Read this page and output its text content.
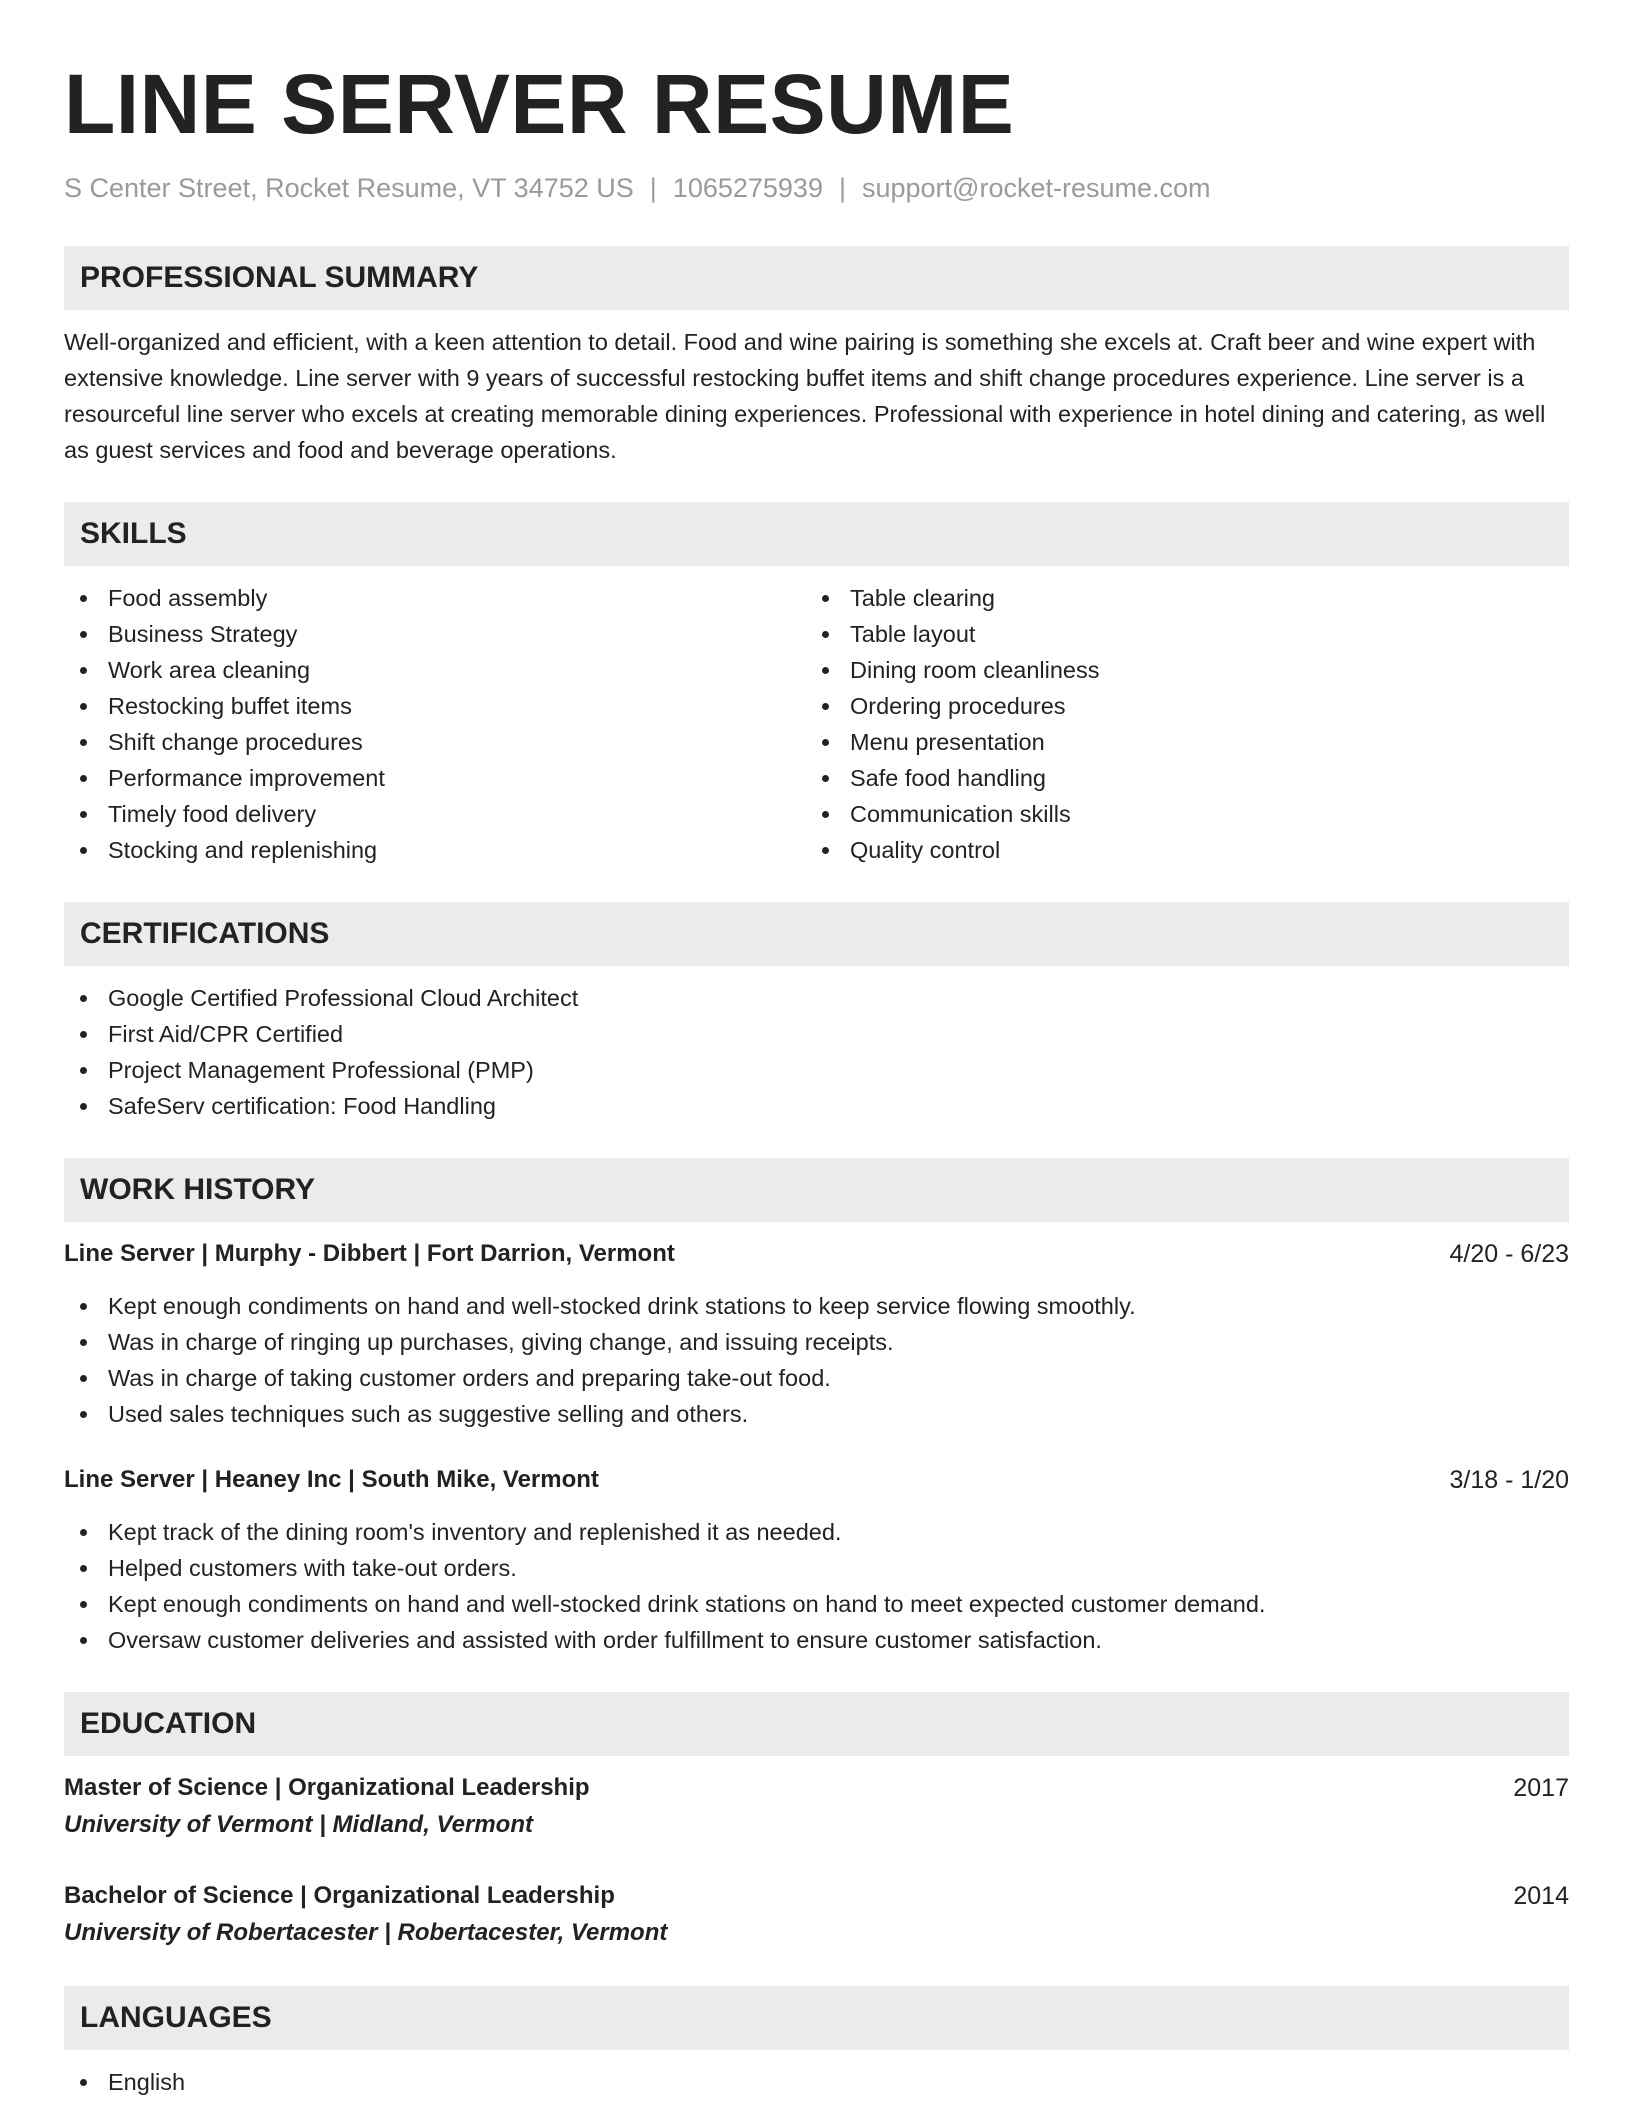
LINE SERVER RESUME
S Center Street, Rocket Resume, VT 34752 US | 1065275939 | support@rocket-resume.com
PROFESSIONAL SUMMARY
Well-organized and efficient, with a keen attention to detail. Food and wine pairing is something she excels at. Craft beer and wine expert with extensive knowledge. Line server with 9 years of successful restocking buffet items and shift change procedures experience. Line server is a resourceful line server who excels at creating memorable dining experiences. Professional with experience in hotel dining and catering, as well as guest services and food and beverage operations.
SKILLS
Food assembly
Business Strategy
Work area cleaning
Restocking buffet items
Shift change procedures
Performance improvement
Timely food delivery
Stocking and replenishing
Table clearing
Table layout
Dining room cleanliness
Ordering procedures
Menu presentation
Safe food handling
Communication skills
Quality control
CERTIFICATIONS
Google Certified Professional Cloud Architect
First Aid/CPR Certified
Project Management Professional (PMP)
SafeServ certification: Food Handling
WORK HISTORY
Line Server | Murphy - Dibbert | Fort Darrion, Vermont	4/20 - 6/23
Kept enough condiments on hand and well-stocked drink stations to keep service flowing smoothly.
Was in charge of ringing up purchases, giving change, and issuing receipts.
Was in charge of taking customer orders and preparing take-out food.
Used sales techniques such as suggestive selling and others.
Line Server | Heaney Inc | South Mike, Vermont	3/18 - 1/20
Kept track of the dining room's inventory and replenished it as needed.
Helped customers with take-out orders.
Kept enough condiments on hand and well-stocked drink stations on hand to meet expected customer demand.
Oversaw customer deliveries and assisted with order fulfillment to ensure customer satisfaction.
EDUCATION
Master of Science | Organizational Leadership	2017
University of Vermont | Midland, Vermont
Bachelor of Science | Organizational Leadership	2014
University of Robertacester | Robertacester, Vermont
LANGUAGES
English
